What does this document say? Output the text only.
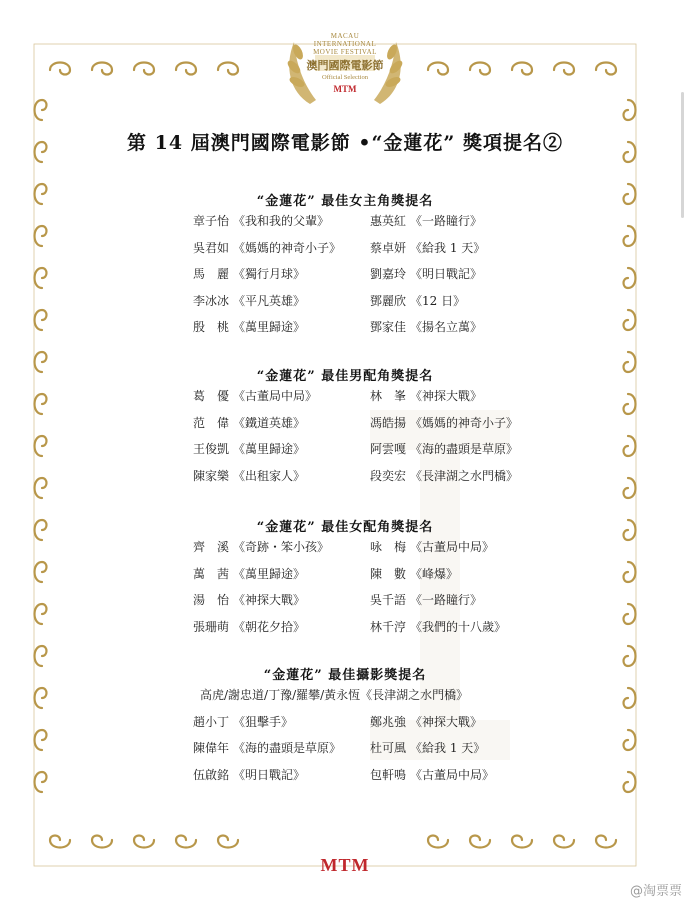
MACAU
INTERNATIONAL
MOVIE FESTIVAL
澳門國際電影節
Official Selection
MTM
第 14 屆澳門國際電影節 •“金蓮花” 獎項提名②
“金蓮花” 最佳女主角獎提名
章子怡 《我和我的父輩》	惠英紅 《一路瞳行》
吳君如 《媽媽的神奇小子》 蔡卓妍 《給我 1 天》
馬　麗 《獨行月球》	劉嘉玲 《明日戰記》
李冰冰 《平凡英雄》	鄧麗欣 《12 日》
殷　桃 《萬里歸途》	鄧家佳 《揚名立萬》
“金蓮花” 最佳男配角獎提名
葛　優 《古董局中局》	林　峯 《神探大戰》
范　偉 《鐵道英雄》	馮皓揚 《媽媽的神奇小子》
王俊凱 《萬里歸途》	阿雲嘎 《海的盡頭是草原》
陳家樂 《出租家人》	段奕宏 《長津湖之水門橋》
“金蓮花” 最佳女配角獎提名
齊　溪 《奇跡・笨小孩》	咏　梅 《古董局中局》
萬　茜 《萬里歸途》	陳　數 《峰爆》
湯　怡 《神探大戰》	吳千語 《一路瞳行》
張珊萌 《朝花夕拾》	林千涥 《我們的十八歲》
“金蓮花” 最佳攝影獎提名
高虎/謝忠道/丁豫/羅攀/黃永恆《長津湖之水門橋》
趙小丁 《狙擊手》	鄭兆強 《神探大戰》
陳偉年 《海的盡頭是草原》 杜可風 《給我 1 天》
伍啟銘 《明日戰記》	包軒鳴 《古董局中局》
MTM
@淘票票
